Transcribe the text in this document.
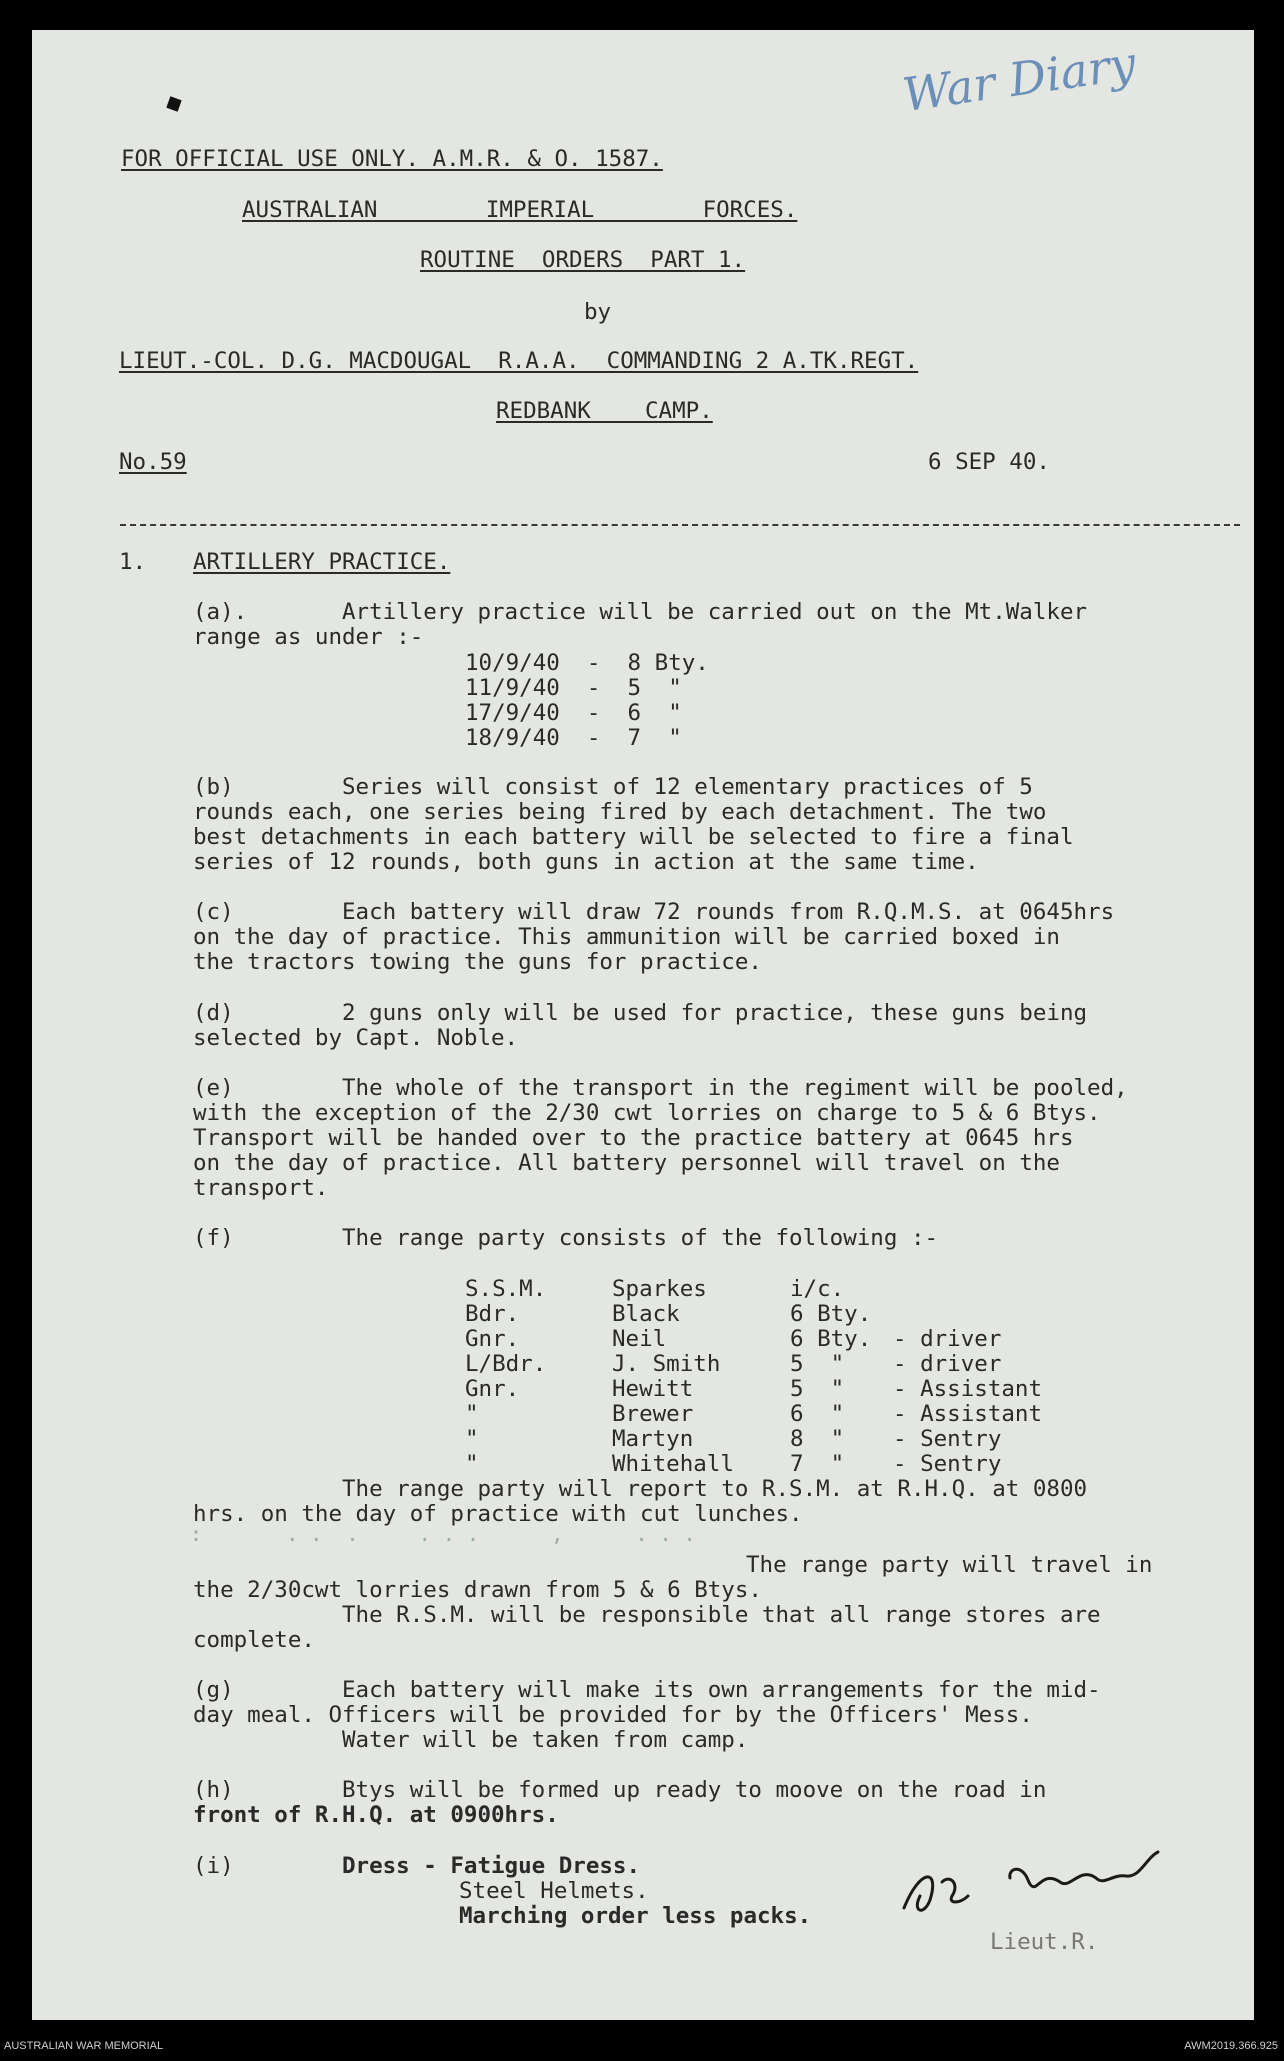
War Diary
FOR OFFICIAL USE ONLY. A.M.R. & O. 1587.
AUSTRALIAN        IMPERIAL        FORCES.
ROUTINE  ORDERS  PART 1.
by
LIEUT.-COL. D.G. MACDOUGAL  R.A.A.  COMMANDING 2 A.TK.REGT.
REDBANK    CAMP.
No.59	6 SEP 40.
1. ARTILLERY PRACTICE.
(a).	Artillery practice will be carried out on the Mt.Walker
range as under :-
10/9/40  -  8 Bty.
11/9/40  -  5  "
17/9/40  -  6  "
18/9/40  -  7  "
(b)	Series will consist of 12 elementary practices of 5
rounds each, one series being fired by each detachment. The two
best detachments in each battery will be selected to fire a final
series of 12 rounds, both guns in action at the same time.
(c)	Each battery will draw 72 rounds from R.Q.M.S. at 0645hrs
on the day of practice. This ammunition will be carried boxed in
the tractors towing the guns for practice.
(d)	2 guns only will be used for practice, these guns being
selected by Capt. Noble.
(e)	The whole of the transport in the regiment will be pooled,
with the exception of the 2/30 cwt lorries on charge to 5 & 6 Btys.
Transport will be handed over to the practice battery at 0645 hrs
on the day of practice. All battery personnel will travel on the
transport.
(f)	The range party consists of the following :-
S.S.M.	Sparkes	i/c.
Bdr.	Black	6 Bty.
Gnr.	Neil	6 Bty. - driver
L/Bdr.	J. Smith	5  " - driver
Gnr.	Hewitt	5  " - Assistant
"	Brewer	6  " - Assistant
"	Martyn	8  " - Sentry
"	Whitehall 7  " - Sentry
The range party will report to R.S.M. at R.H.Q. at 0800
hrs. on the day of practice with cut lunches.
:       . .  .     . . .      ,      . . .
The range party will travel in
the 2/30cwt lorries drawn from 5 & 6 Btys.
The R.S.M. will be responsible that all range stores are
complete.
(g)	Each battery will make its own arrangements for the mid-
day meal. Officers will be provided for by the Officers' Mess.
Water will be taken from camp.
(h)	Btys will be formed up ready to moove on the road in
front of R.H.Q. at 0900hrs.
(i)	Dress - Fatigue Dress.
Steel Helmets.
Marching order less packs.
Lieut.R.
AUSTRALIAN WAR MEMORIAL	AWM2019.366.925
